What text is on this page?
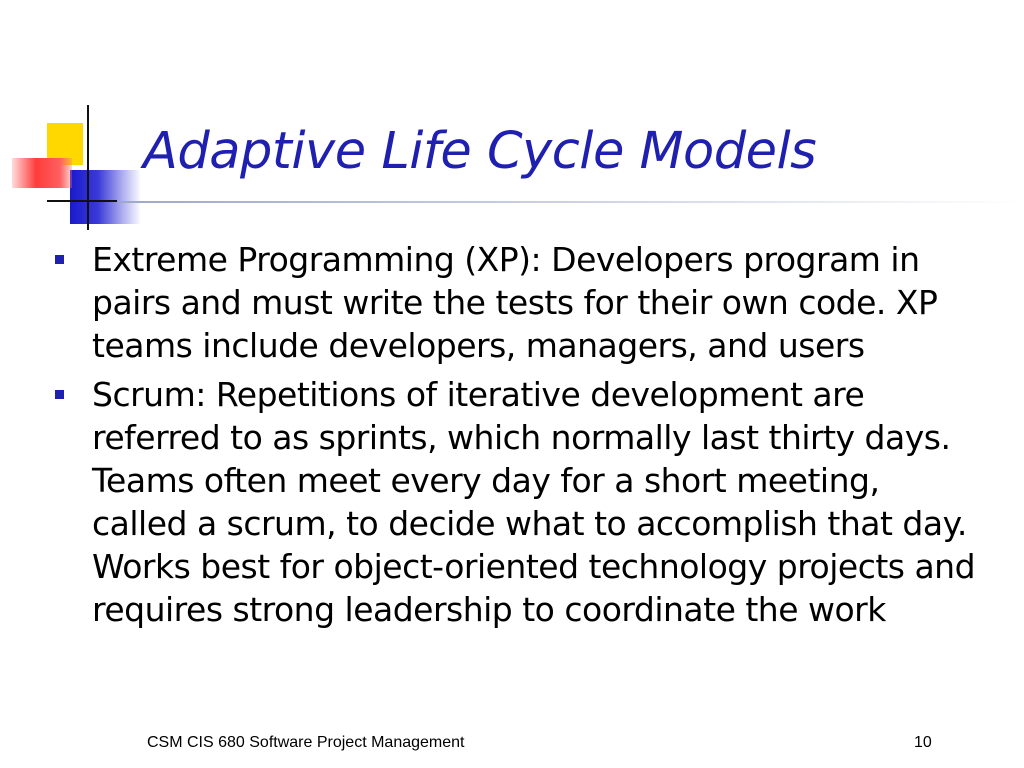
Adaptive Life Cycle Models
Extreme Programming (XP): Developers program in pairs and must write the tests for their own code. XP teams include developers, managers, and users
Scrum: Repetitions of iterative development are referred to as sprints, which normally last thirty days. Teams often meet every day for a short meeting, called a scrum, to decide what to accomplish that day. Works best for object-oriented technology projects and requires strong leadership to coordinate the work
CSM CIS 680 Software Project Management	10
